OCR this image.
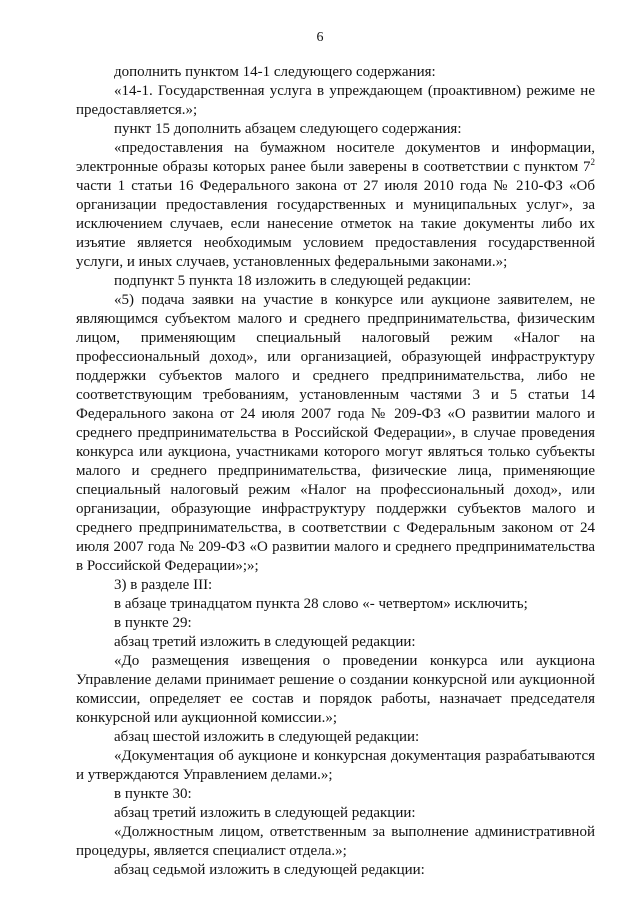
6

дополнить пунктом 14-1 следующего содержания:

«14-1. Государственная услуга в упреждающем (проактивном) режиме не предоставляется.»;

пункт 15 дополнить абзацем следующего содержания:

«предоставления на бумажном носителе документов и информации, электронные образы которых ранее были заверены в соответствии с пунктом $7^2$ части 1 статьи 16 Федерального закона от 27 июля 2010 года № 210-ФЗ «Об организации предоставления государственных и муниципальных услуг», за исключением случаев, если нанесение отметок на такие документы либо их изъятие является необходимым условием предоставления государственной услуги, и иных случаев, установленных федеральными законами.»;

подпункт 5 пункта 18 изложить в следующей редакции:

«5) подача заявки на участие в конкурсе или аукционе заявителем, не являющимся субъектом малого и среднего предпринимательства, физическим лицом, применяющим специальный налоговый режим «Налог на профессиональный доход», или организацией, образующей инфраструктуру поддержки субъектов малого и среднего предпринимательства, либо не соответствующим требованиям, установленным частями 3 и 5 статьи 14 Федерального закона от 24 июля 2007 года № 209-ФЗ «О развитии малого и среднего предпринимательства в Российской Федерации», в случае проведения конкурса или аукциона, участниками которого могут являться только субъекты малого и среднего предпринимательства, физические лица, применяющие специальный налоговый режим «Налог на профессиональный доход», или организации, образующие инфраструктуру поддержки субъектов малого и среднего предпринимательства, в соответствии с Федеральным законом от 24 июля 2007 года № 209-ФЗ «О развитии малого и среднего предпринимательства в Российской Федерации»;»;

3) в разделе III:

в абзаце тринадцатом пункта 28 слово «- четвертом» исключить;

в пункте 29:

абзац третий изложить в следующей редакции:

«До размещения извещения о проведении конкурса или аукциона Управление делами принимает решение о создании конкурсной или аукционной комиссии, определяет ее состав и порядок работы, назначает председателя конкурсной или аукционной комиссии.»;

абзац шестой изложить в следующей редакции:

«Документация об аукционе и конкурсная документация разрабатываются и утверждаются Управлением делами.»;

в пункте 30:

абзац третий изложить в следующей редакции:

«Должностным лицом, ответственным за выполнение административной процедуры, является специалист отдела.»;

абзац седьмой изложить в следующей редакции:
